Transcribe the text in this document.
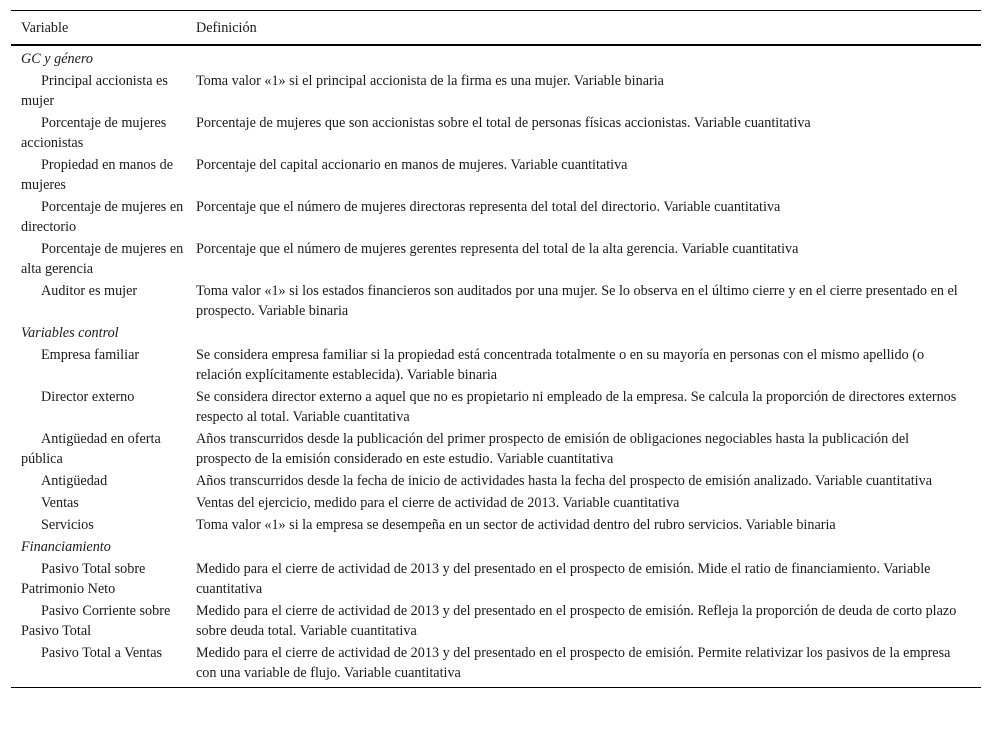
Variable	Definición
GC y género	
Principal accionista es mujer	Toma valor «1» si el principal accionista de la firma es una mujer. Variable binaria
Porcentaje de mujeres accionistas	Porcentaje de mujeres que son accionistas sobre el total de personas físicas accionistas. Variable cuantitativa
Propiedad en manos de mujeres	Porcentaje del capital accionario en manos de mujeres. Variable cuantitativa
Porcentaje de mujeres en directorio	Porcentaje que el número de mujeres directoras representa del total del directorio. Variable cuantitativa
Porcentaje de mujeres en alta gerencia	Porcentaje que el número de mujeres gerentes representa del total de la alta gerencia. Variable cuantitativa
Auditor es mujer	Toma valor «1» si los estados financieros son auditados por una mujer. Se lo observa en el último cierre y en el cierre presentado en el prospecto. Variable binaria
Variables control	
Empresa familiar	Se considera empresa familiar si la propiedad está concentrada totalmente o en su mayoría en personas con el mismo apellido (o relación explícitamente establecida). Variable binaria
Director externo	Se considera director externo a aquel que no es propietario ni empleado de la empresa. Se calcula la proporción de directores externos respecto al total. Variable cuantitativa
Antigüedad en oferta pública	Años transcurridos desde la publicación del primer prospecto de emisión de obligaciones negociables hasta la publicación del prospecto de la emisión considerado en este estudio. Variable cuantitativa
Antigüedad	Años transcurridos desde la fecha de inicio de actividades hasta la fecha del prospecto de emisión analizado. Variable cuantitativa
Ventas	Ventas del ejercicio, medido para el cierre de actividad de 2013. Variable cuantitativa
Servicios	Toma valor «1» si la empresa se desempeña en un sector de actividad dentro del rubro servicios. Variable binaria
Financiamiento	
Pasivo Total sobre Patrimonio Neto	Medido para el cierre de actividad de 2013 y del presentado en el prospecto de emisión. Mide el ratio de financiamiento. Variable cuantitativa
Pasivo Corriente sobre Pasivo Total	Medido para el cierre de actividad de 2013 y del presentado en el prospecto de emisión. Refleja la proporción de deuda de corto plazo sobre deuda total. Variable cuantitativa
Pasivo Total a Ventas	Medido para el cierre de actividad de 2013 y del presentado en el prospecto de emisión. Permite relativizar los pasivos de la empresa con una variable de flujo. Variable cuantitativa
